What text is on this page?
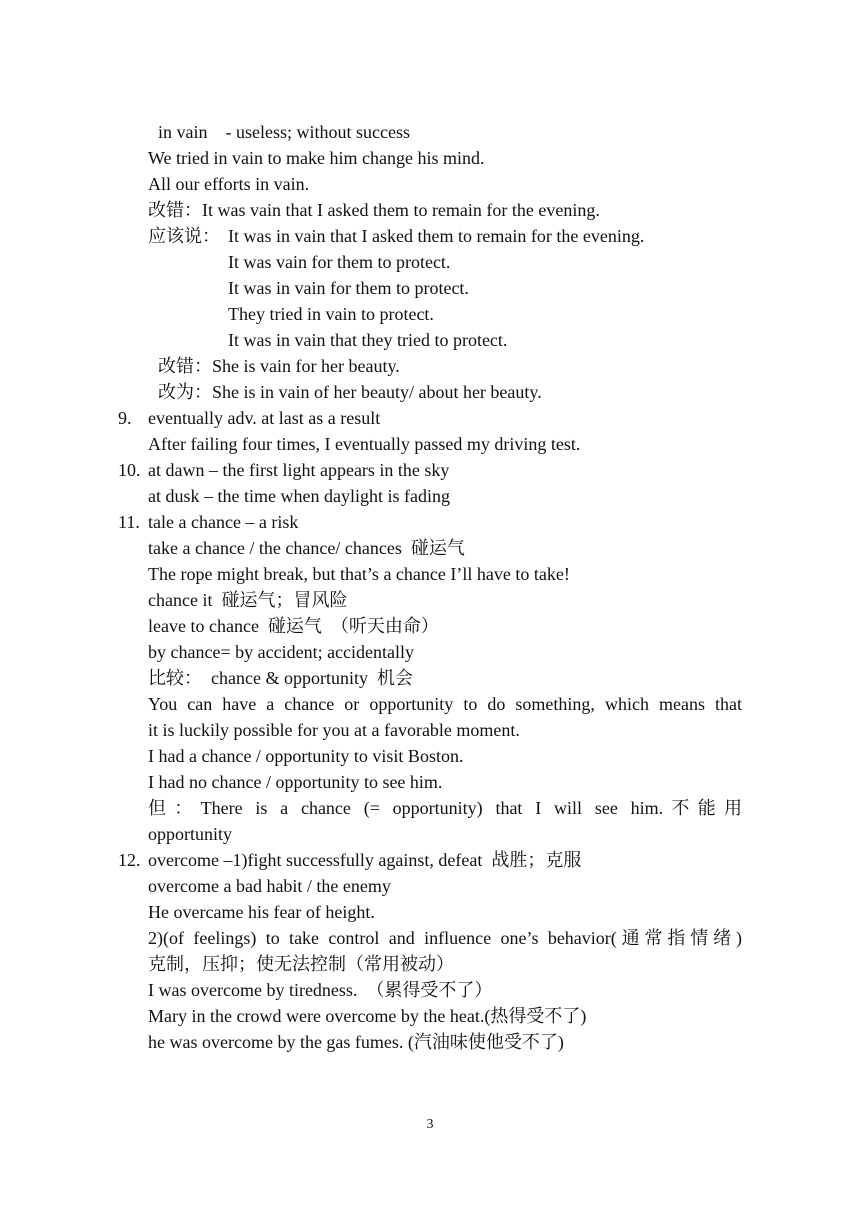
in vain    - useless; without success
We tried in vain to make him change his mind.
All our efforts in vain.
改错：It was vain that I asked them to remain for the evening.
应该说： It was in vain that I asked them to remain for the evening.
It was vain for them to protect.
It was in vain for them to protect.
They tried in vain to protect.
It was in vain that they tried to protect.
改错：She is vain for her beauty.
改为：She is in vain of her beauty/ about her beauty.
9. eventually adv. at last as a result
After failing four times, I eventually passed my driving test.
10. at dawn – the first light appears in the sky
at dusk – the time when daylight is fading
11. tale a chance – a risk
take a chance / the chance/ chances  碰运气
The rope might break, but that’s a chance I’ll have to take!
chance it  碰运气；冒风险
leave to chance  碰运气  （听天由命）
by chance= by accident; accidentally
比较：  chance & opportunity  机会
You can have a chance or opportunity to do something, which means that
it is luckily possible for you at a favorable moment.
I had a chance / opportunity to visit Boston.
I had no chance / opportunity to see him.
但：There is a chance (= opportunity) that I will see him.不能用
opportunity
12. overcome –1)fight successfully against, defeat  战胜；克服
overcome a bad habit / the enemy
He overcame his fear of height.
2)(of feelings) to take control and influence one’s behavior(通常指情绪)
克制，压抑；使无法控制（常用被动）
I was overcome by tiredness.  （累得受不了）
Mary in the crowd were overcome by the heat.(热得受不了)
he was overcome by the gas fumes. (汽油味使他受不了)
3
